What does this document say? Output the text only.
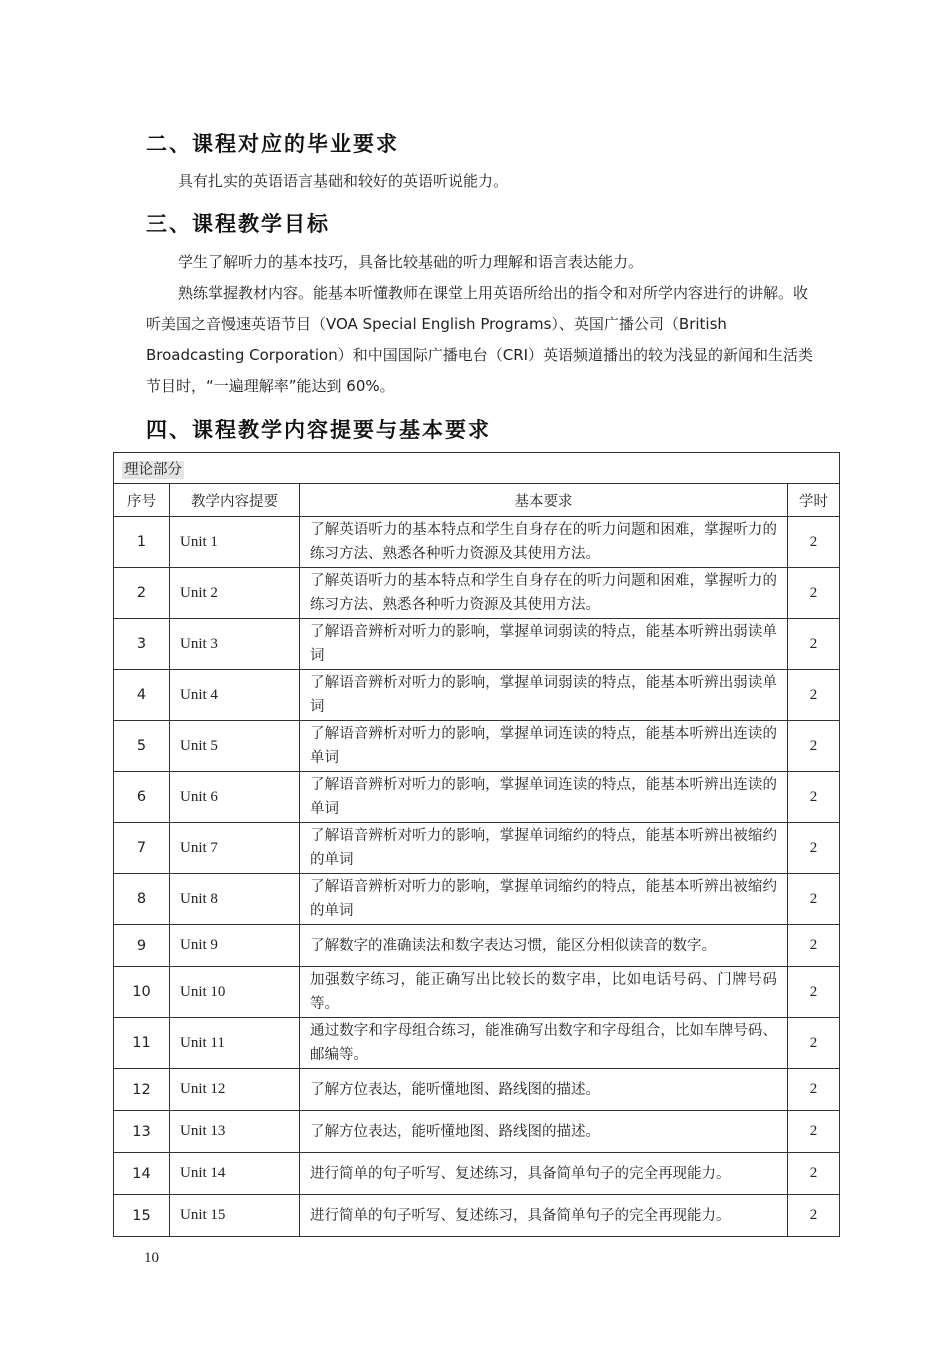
二、课程对应的毕业要求

具有扎实的英语语言基础和较好的英语听说能力。

三、课程教学目标

学生了解听力的基本技巧，具备比较基础的听力理解和语言表达能力。

熟练掌握教材内容。能基本听懂教师在课堂上用英语所给出的指令和对所学内容进行的讲解。收听美国之音慢速英语节目（VOA Special English Programs）、英国广播公司（British Broadcasting Corporation）和中国国际广播电台（CRI）英语频道播出的较为浅显的新闻和生活类节目时，“一遍理解率”能达到 60%。

四、课程教学内容提要与基本要求
理论部分			
序号	教学内容提要	基本要求	学时
1	Unit 1	了解英语听力的基本特点和学生自身存在的听力问题和困难，掌握听力的练习方法、熟悉各种听力资源及其使用方法。	2
2	Unit 2	了解英语听力的基本特点和学生自身存在的听力问题和困难，掌握听力的练习方法、熟悉各种听力资源及其使用方法。	2
3	Unit 3	了解语音辨析对听力的影响，掌握单词弱读的特点，能基本听辨出弱读单词	2
4	Unit 4	了解语音辨析对听力的影响，掌握单词弱读的特点，能基本听辨出弱读单词	2
5	Unit 5	了解语音辨析对听力的影响，掌握单词连读的特点，能基本听辨出连读的单词	2
6	Unit 6	了解语音辨析对听力的影响，掌握单词连读的特点，能基本听辨出连读的单词	2
7	Unit 7	了解语音辨析对听力的影响，掌握单词缩约的特点，能基本听辨出被缩约的单词	2
8	Unit 8	了解语音辨析对听力的影响，掌握单词缩约的特点，能基本听辨出被缩约的单词	2
9	Unit 9	了解数字的准确读法和数字表达习惯，能区分相似读音的数字。	2
10	Unit 10	加强数字练习，能正确写出比较长的数字串，比如电话号码、门牌号码等。	2
11	Unit 11	通过数字和字母组合练习，能准确写出数字和字母组合，比如车牌号码、邮编等。	2
12	Unit 12	了解方位表达，能听懂地图、路线图的描述。	2
13	Unit 13	了解方位表达，能听懂地图、路线图的描述。	2
14	Unit 14	进行简单的句子听写、复述练习，具备简单句子的完全再现能力。	2
15	Unit 15	进行简单的句子听写、复述练习，具备简单句子的完全再现能力。	2
10
